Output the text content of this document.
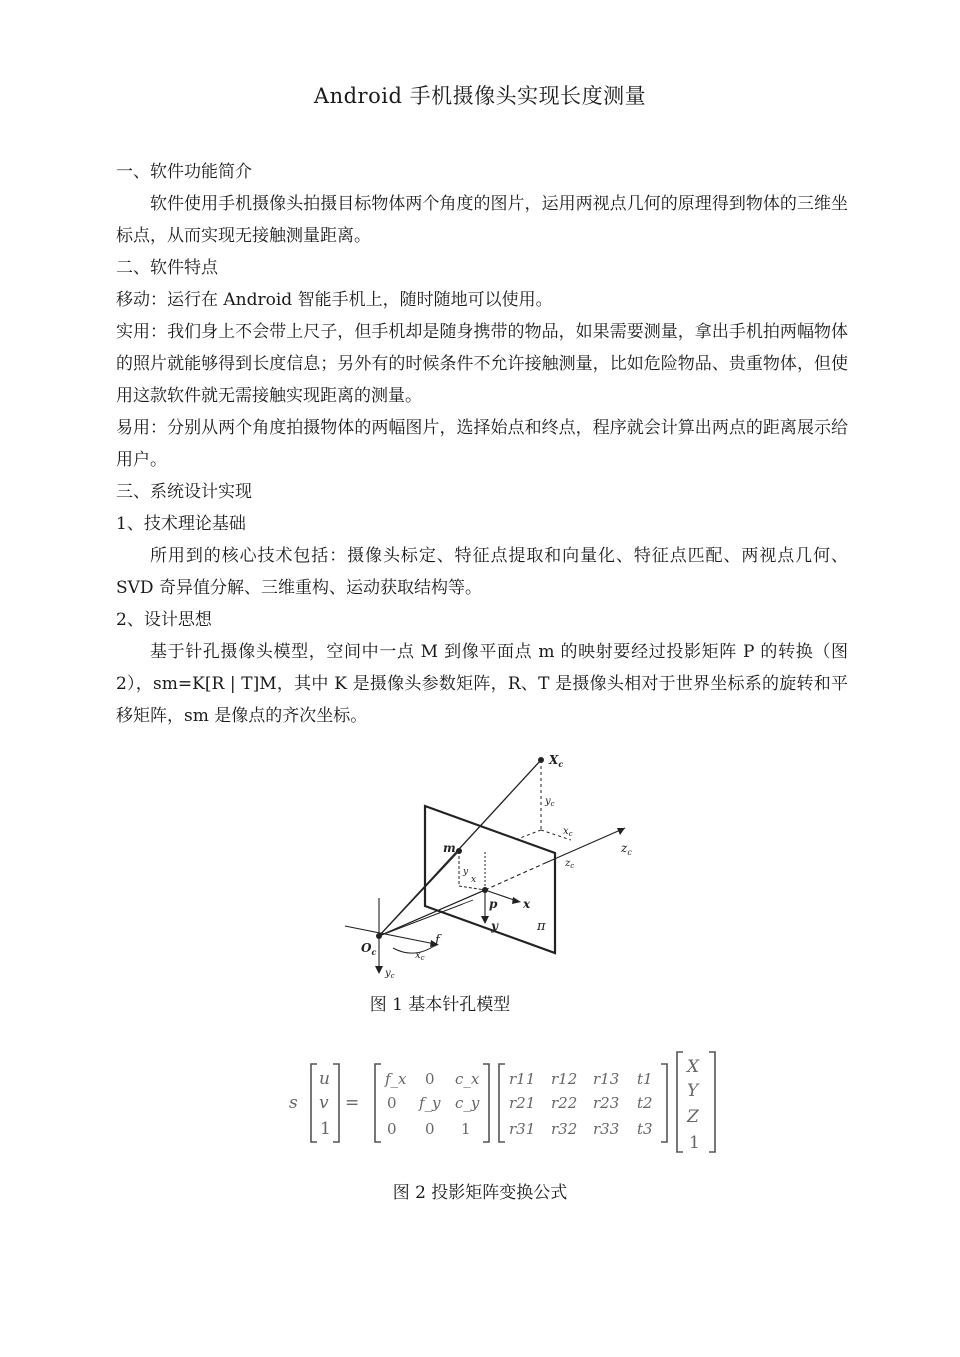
Android 手机摄像头实现长度测量

一、软件功能简介

软件使用手机摄像头拍摄目标物体两个角度的图片，运用两视点几何的原理得到物体的三维坐标点，从而实现无接触测量距离。

二、软件特点

移动：运行在 Android 智能手机上，随时随地可以使用。

实用：我们身上不会带上尺子，但手机却是随身携带的物品，如果需要测量，拿出手机拍两幅物体的照片就能够得到长度信息；另外有的时候条件不允许接触测量，比如危险物品、贵重物体，但使用这款软件就无需接触实现距离的测量。

易用：分别从两个角度拍摄物体的两幅图片，选择始点和终点，程序就会计算出两点的距离展示给用户。

三、系统设计实现

1、技术理论基础

所用到的核心技术包括：摄像头标定、特征点提取和向量化、特征点匹配、两视点几何、SVD 奇异值分解、三维重构、运动获取结构等。

2、设计思想

基于针孔摄像头模型，空间中一点 M 到像平面点 m 的映射要经过投影矩阵 P 的转换（图 2），sm=K[R | T]M，其中 K 是摄像头参数矩阵，R、T 是摄像头相对于世界坐标系的旋转和平移矩阵，sm 是像点的齐次坐标。

$X_c$
$y_c$
$x_c$
$z_c$
$z_c$
m
y
x
p x
y	π
f
$O_c$	$x_c$
$y_c$
图 1 基本针孔模型
s	=
u
v
1
f_x 0 c_x
0 f_y c_y
0 0 1
r11 r12 r13 t1
r21 r22 r23 t2
r31 r32 r33 t3
X
Y
Z
1
图 2 投影矩阵变换公式
